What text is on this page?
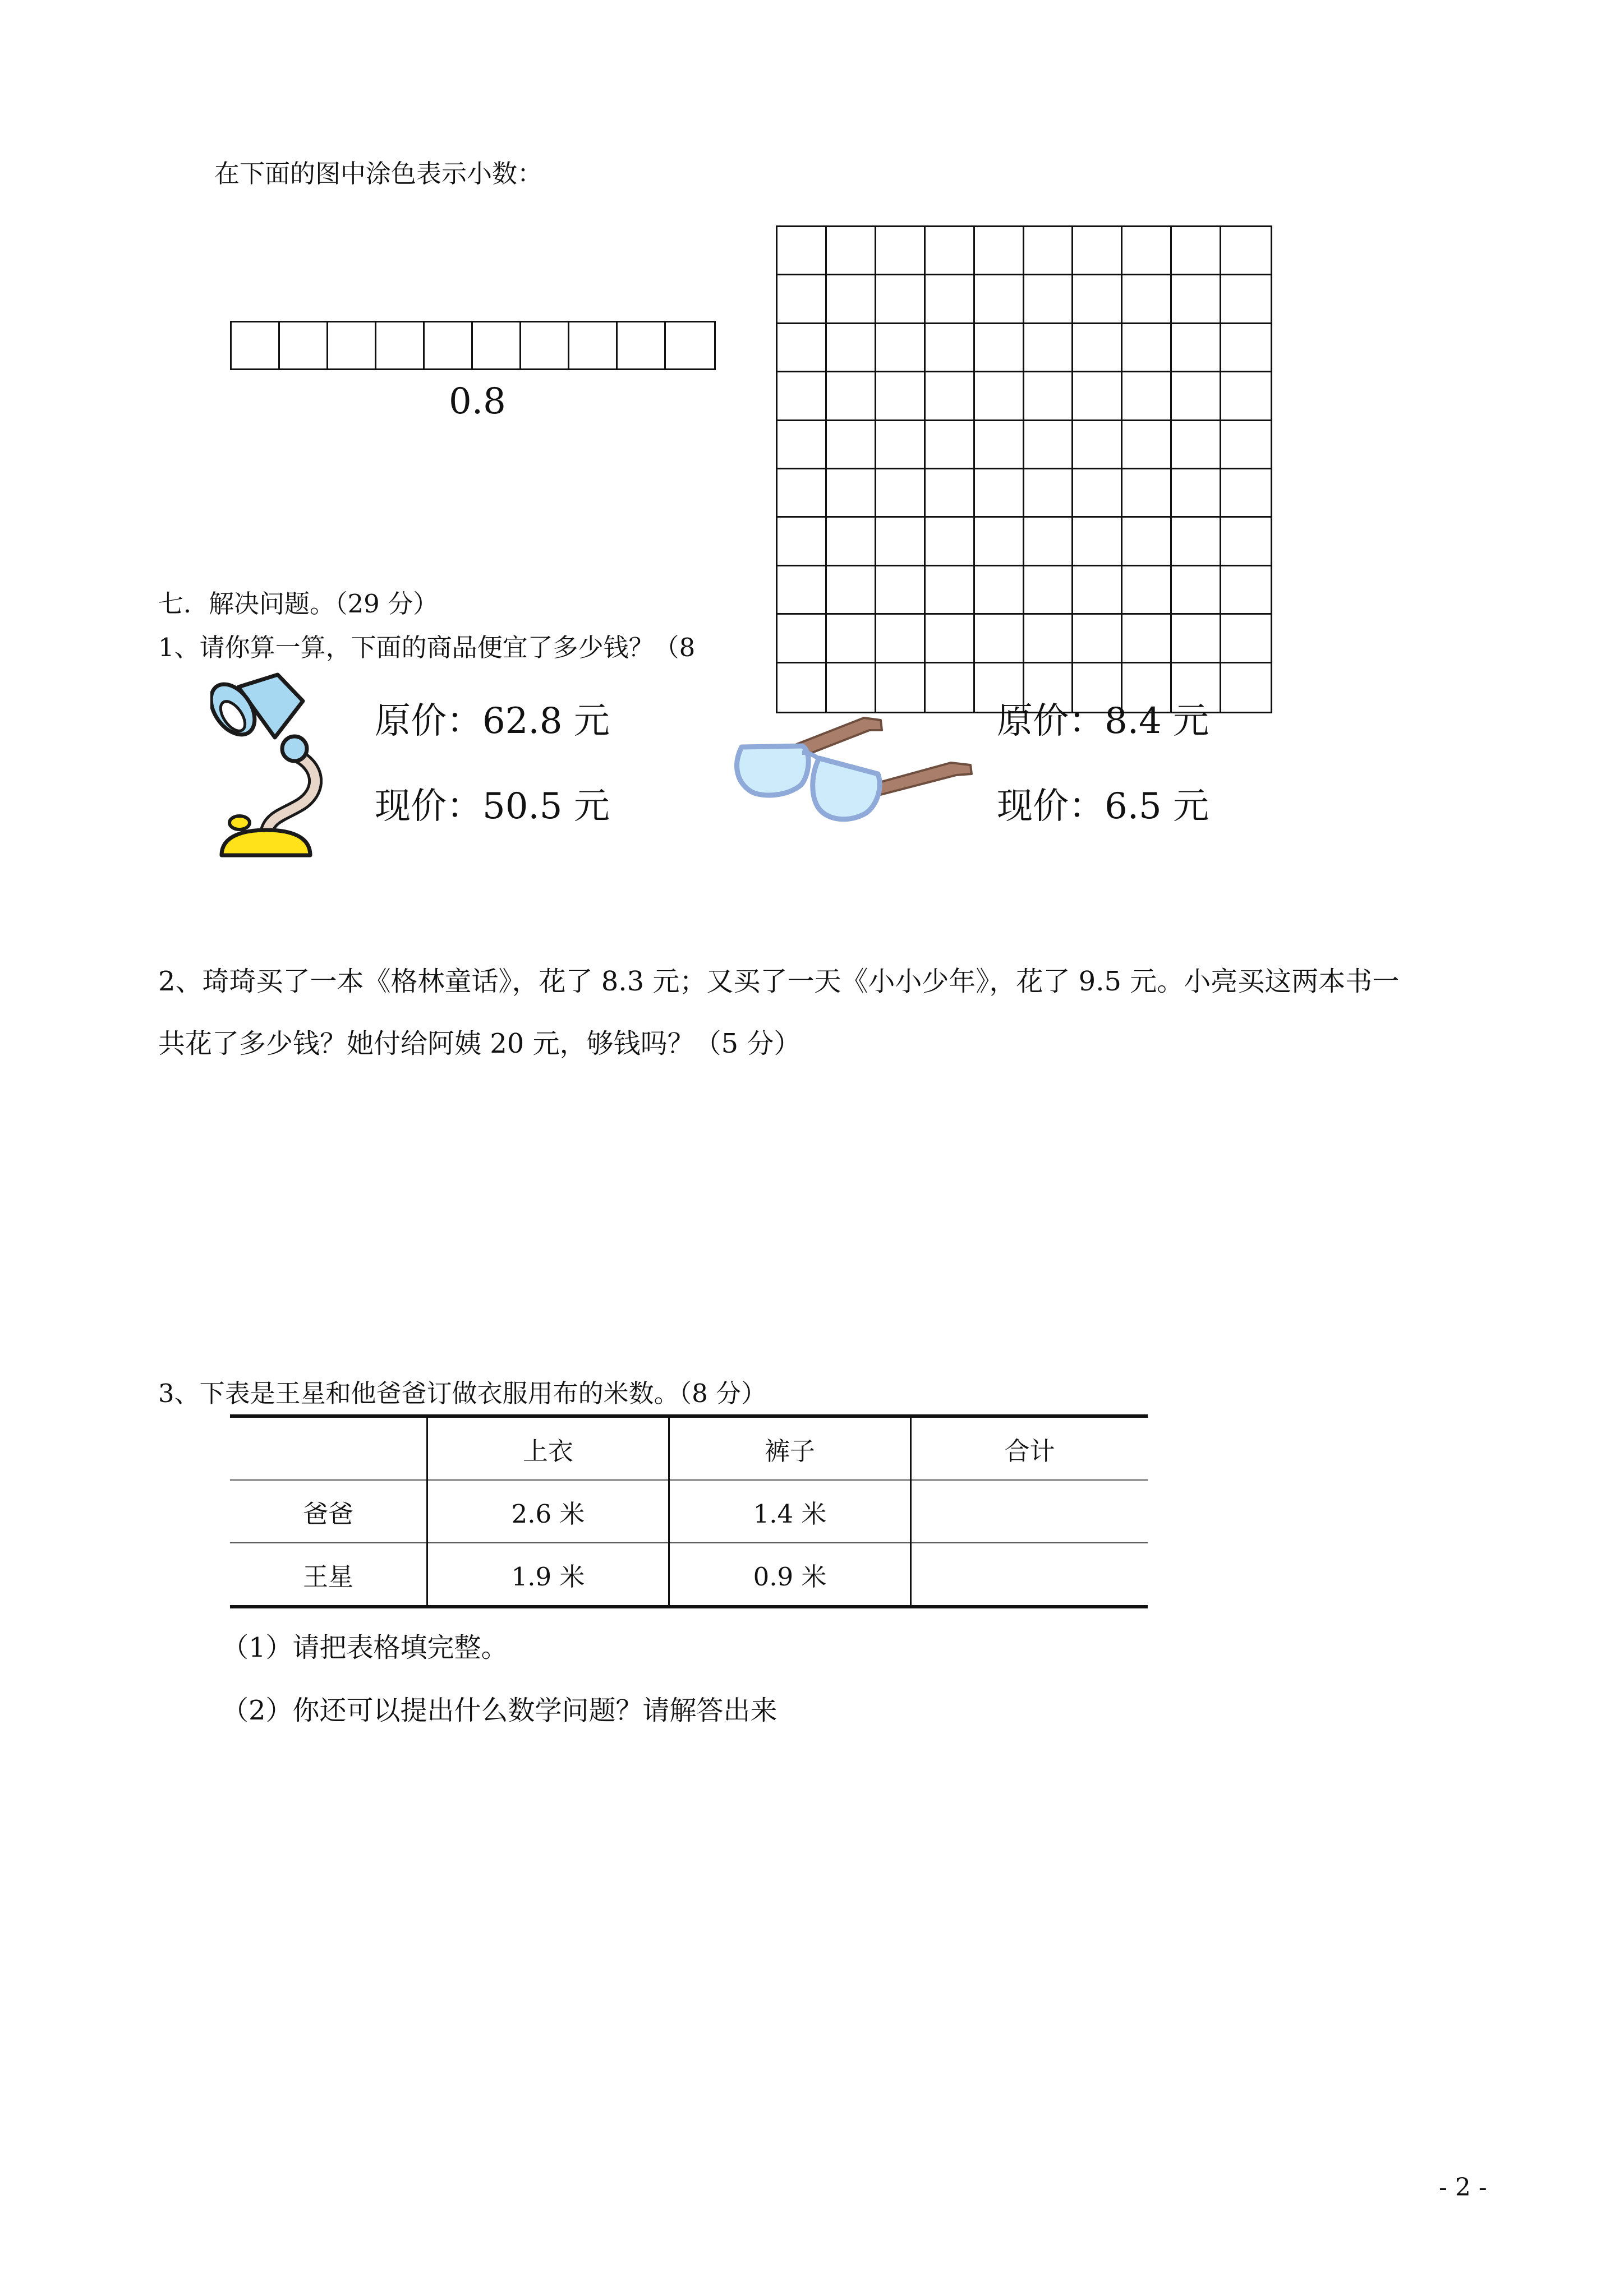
在下面的图中涂色表示小数：
0.8
七．解决问题。（29 分）
1、请你算一算，下面的商品便宜了多少钱？（8
原价：62.8 元
现价：50.5 元
原价：8.4 元
现价：6.5 元
2、琦琦买了一本《格林童话》，花了 8.3 元；又买了一天《小小少年》，花了 9.5 元。小亮买这两本书一
共花了多少钱？她付给阿姨 20 元，够钱吗？（5 分）
3、下表是王星和他爸爸订做衣服用布的米数。（8 分）
	上衣	裤子	合计
爸爸	2.6 米	1.4 米	
王星	1.9 米	0.9 米	
（1）请把表格填完整。
（2）你还可以提出什么数学问题？请解答出来
- 2 -
